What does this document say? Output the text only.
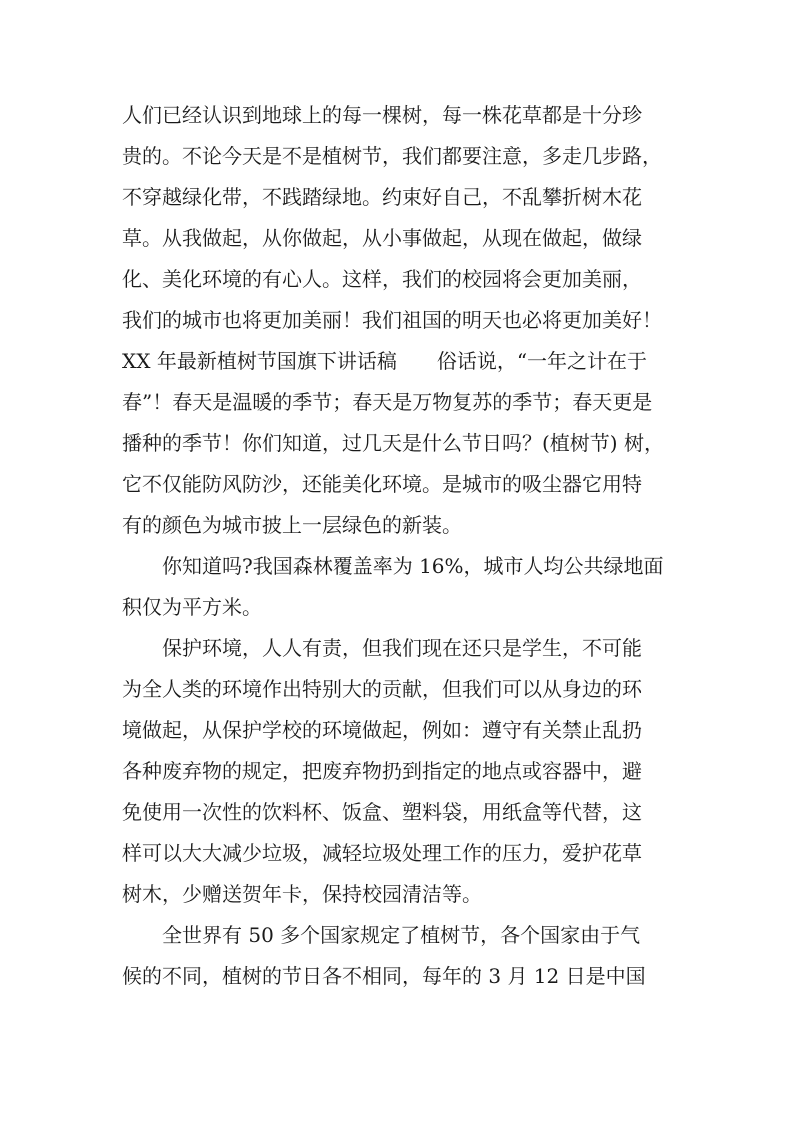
人们已经认识到地球上的每一棵树，每一株花草都是十分珍
贵的。不论今天是不是植树节，我们都要注意，多走几步路，
不穿越绿化带，不践踏绿地。约束好自己，不乱攀折树木花
草。从我做起，从你做起，从小事做起，从现在做起，做绿
化、美化环境的有心人。这样，我们的校园将会更加美丽，
我们的城市也将更加美丽！我们祖国的明天也必将更加美好！
XX 年最新植树节国旗下讲话稿　　俗话说，“一年之计在于
春”！春天是温暖的季节；春天是万物复苏的季节；春天更是
播种的季节！你们知道，过几天是什么节日吗？(植树节) 树，
它不仅能防风防沙，还能美化环境。是城市的吸尘器它用特
有的颜色为城市披上一层绿色的新装。
你知道吗?我国森林覆盖率为 16%，城市人均公共绿地面
积仅为平方米。
保护环境，人人有责，但我们现在还只是学生，不可能
为全人类的环境作出特别大的贡献，但我们可以从身边的环
境做起，从保护学校的环境做起，例如：遵守有关禁止乱扔
各种废弃物的规定，把废弃物扔到指定的地点或容器中，避
免使用一次性的饮料杯、饭盒、塑料袋，用纸盒等代替，这
样可以大大减少垃圾，减轻垃圾处理工作的压力，爱护花草
树木，少赠送贺年卡，保持校园清洁等。
全世界有 50 多个国家规定了植树节，各个国家由于气
候的不同，植树的节日各不相同，每年的 3 月 12 日是中国
